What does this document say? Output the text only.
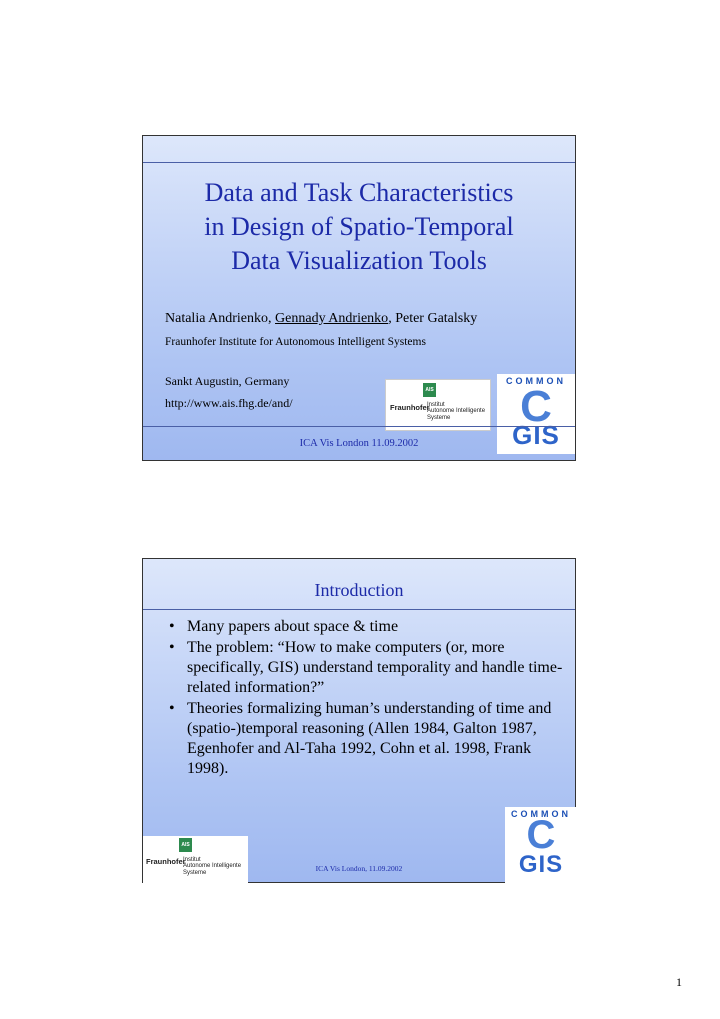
Data and Task Characteristics
in Design of Spatio-Temporal
Data Visualization Tools
Natalia Andrienko, Gennady Andrienko, Peter Gatalsky
Fraunhofer Institute for Autonomous Intelligent Systems
Sankt Augustin, Germany
http://www.ais.fhg.de/and/
AIS
Fraunhofer
Institut
Autonome Intelligente
Systeme
COMMON
C
GIS
ICA Vis London 11.09.2002
Introduction
• Many papers about space & time
• The problem: “How to make computers (or, more specifically, GIS) understand temporality and handle time-related information?”
• Theories formalizing human’s understanding of time and (spatio-)temporal reasoning (Allen 1984, Galton 1987, Egenhofer and Al-Taha 1992, Cohn et al. 1998, Frank 1998).
AIS
Fraunhofer
Institut
Autonome Intelligente
Systeme	ICA Vis London, 11.09.2002
COMMON
C
GIS
1
